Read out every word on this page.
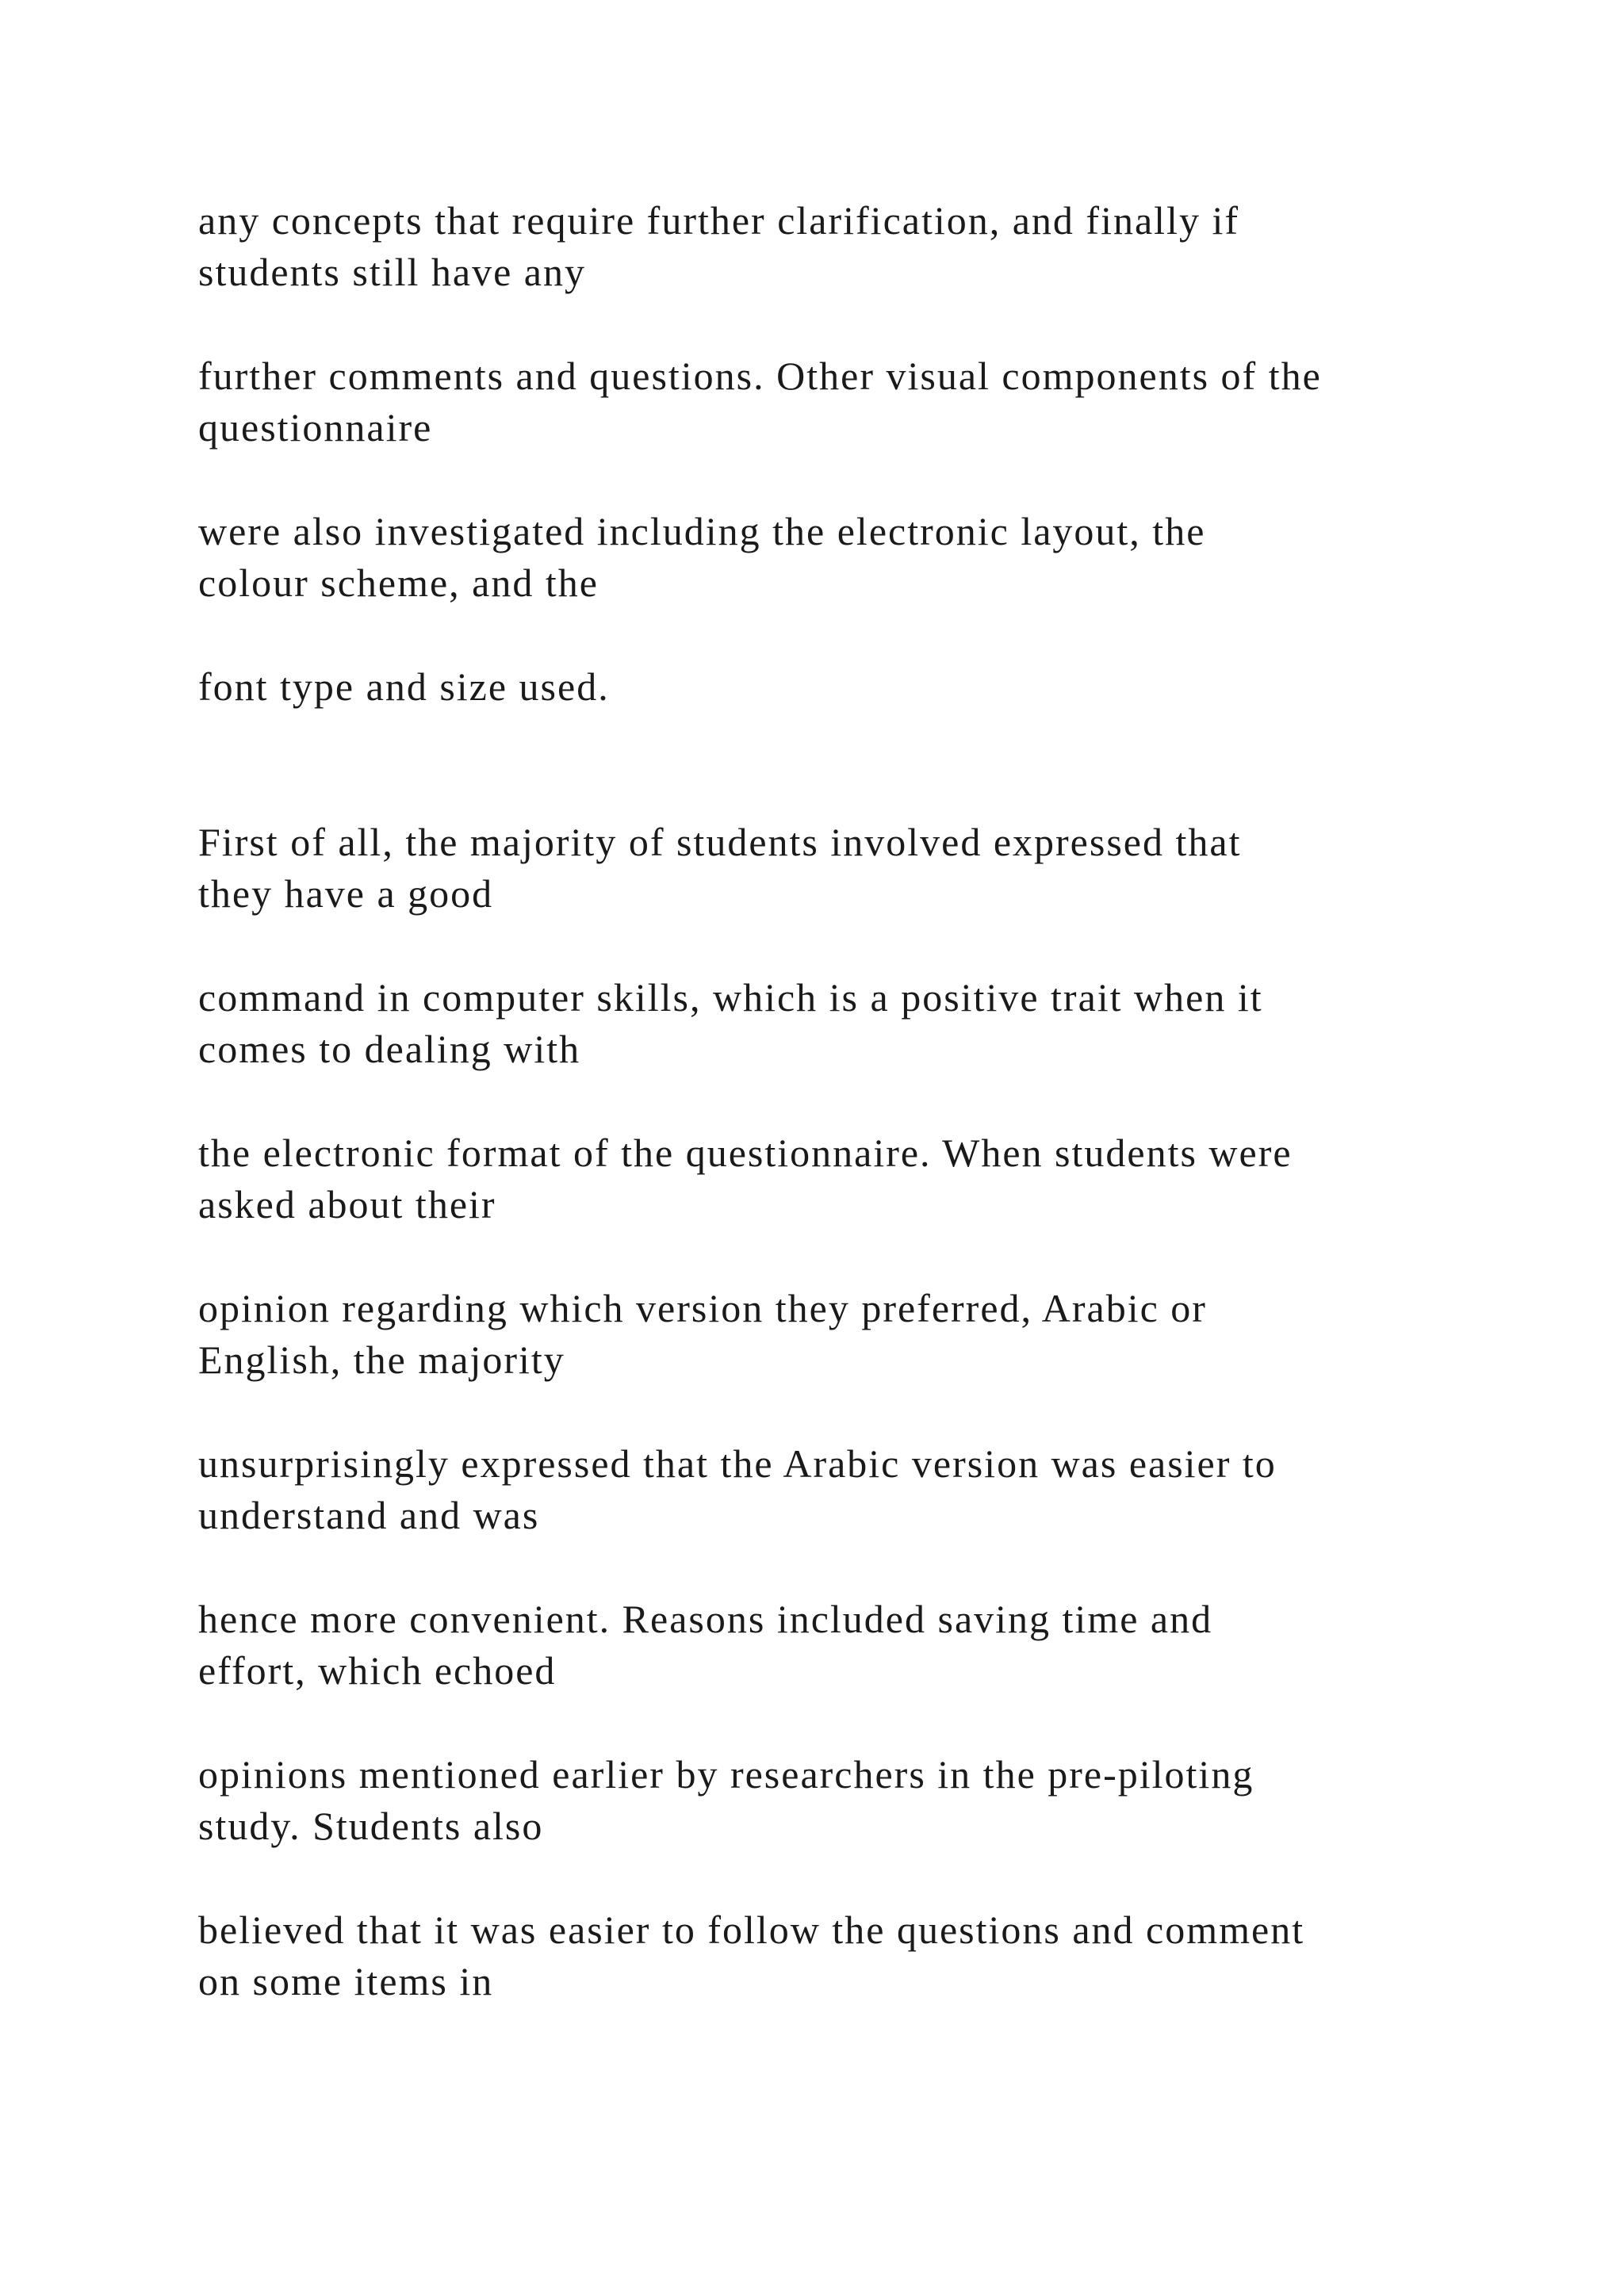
any concepts that require further clarification, and finally if
students still have any

further comments and questions. Other visual components of the
questionnaire

were also investigated including the electronic layout, the
colour scheme, and the

font type and size used.

First of all, the majority of students involved expressed that
they have a good

command in computer skills, which is a positive trait when it
comes to dealing with

the electronic format of the questionnaire. When students were
asked about their

opinion regarding which version they preferred, Arabic or
English, the majority

unsurprisingly expressed that the Arabic version was easier to
understand and was

hence more convenient. Reasons included saving time and
effort, which echoed

opinions mentioned earlier by researchers in the pre-piloting
study. Students also

believed that it was easier to follow the questions and comment
on some items in
